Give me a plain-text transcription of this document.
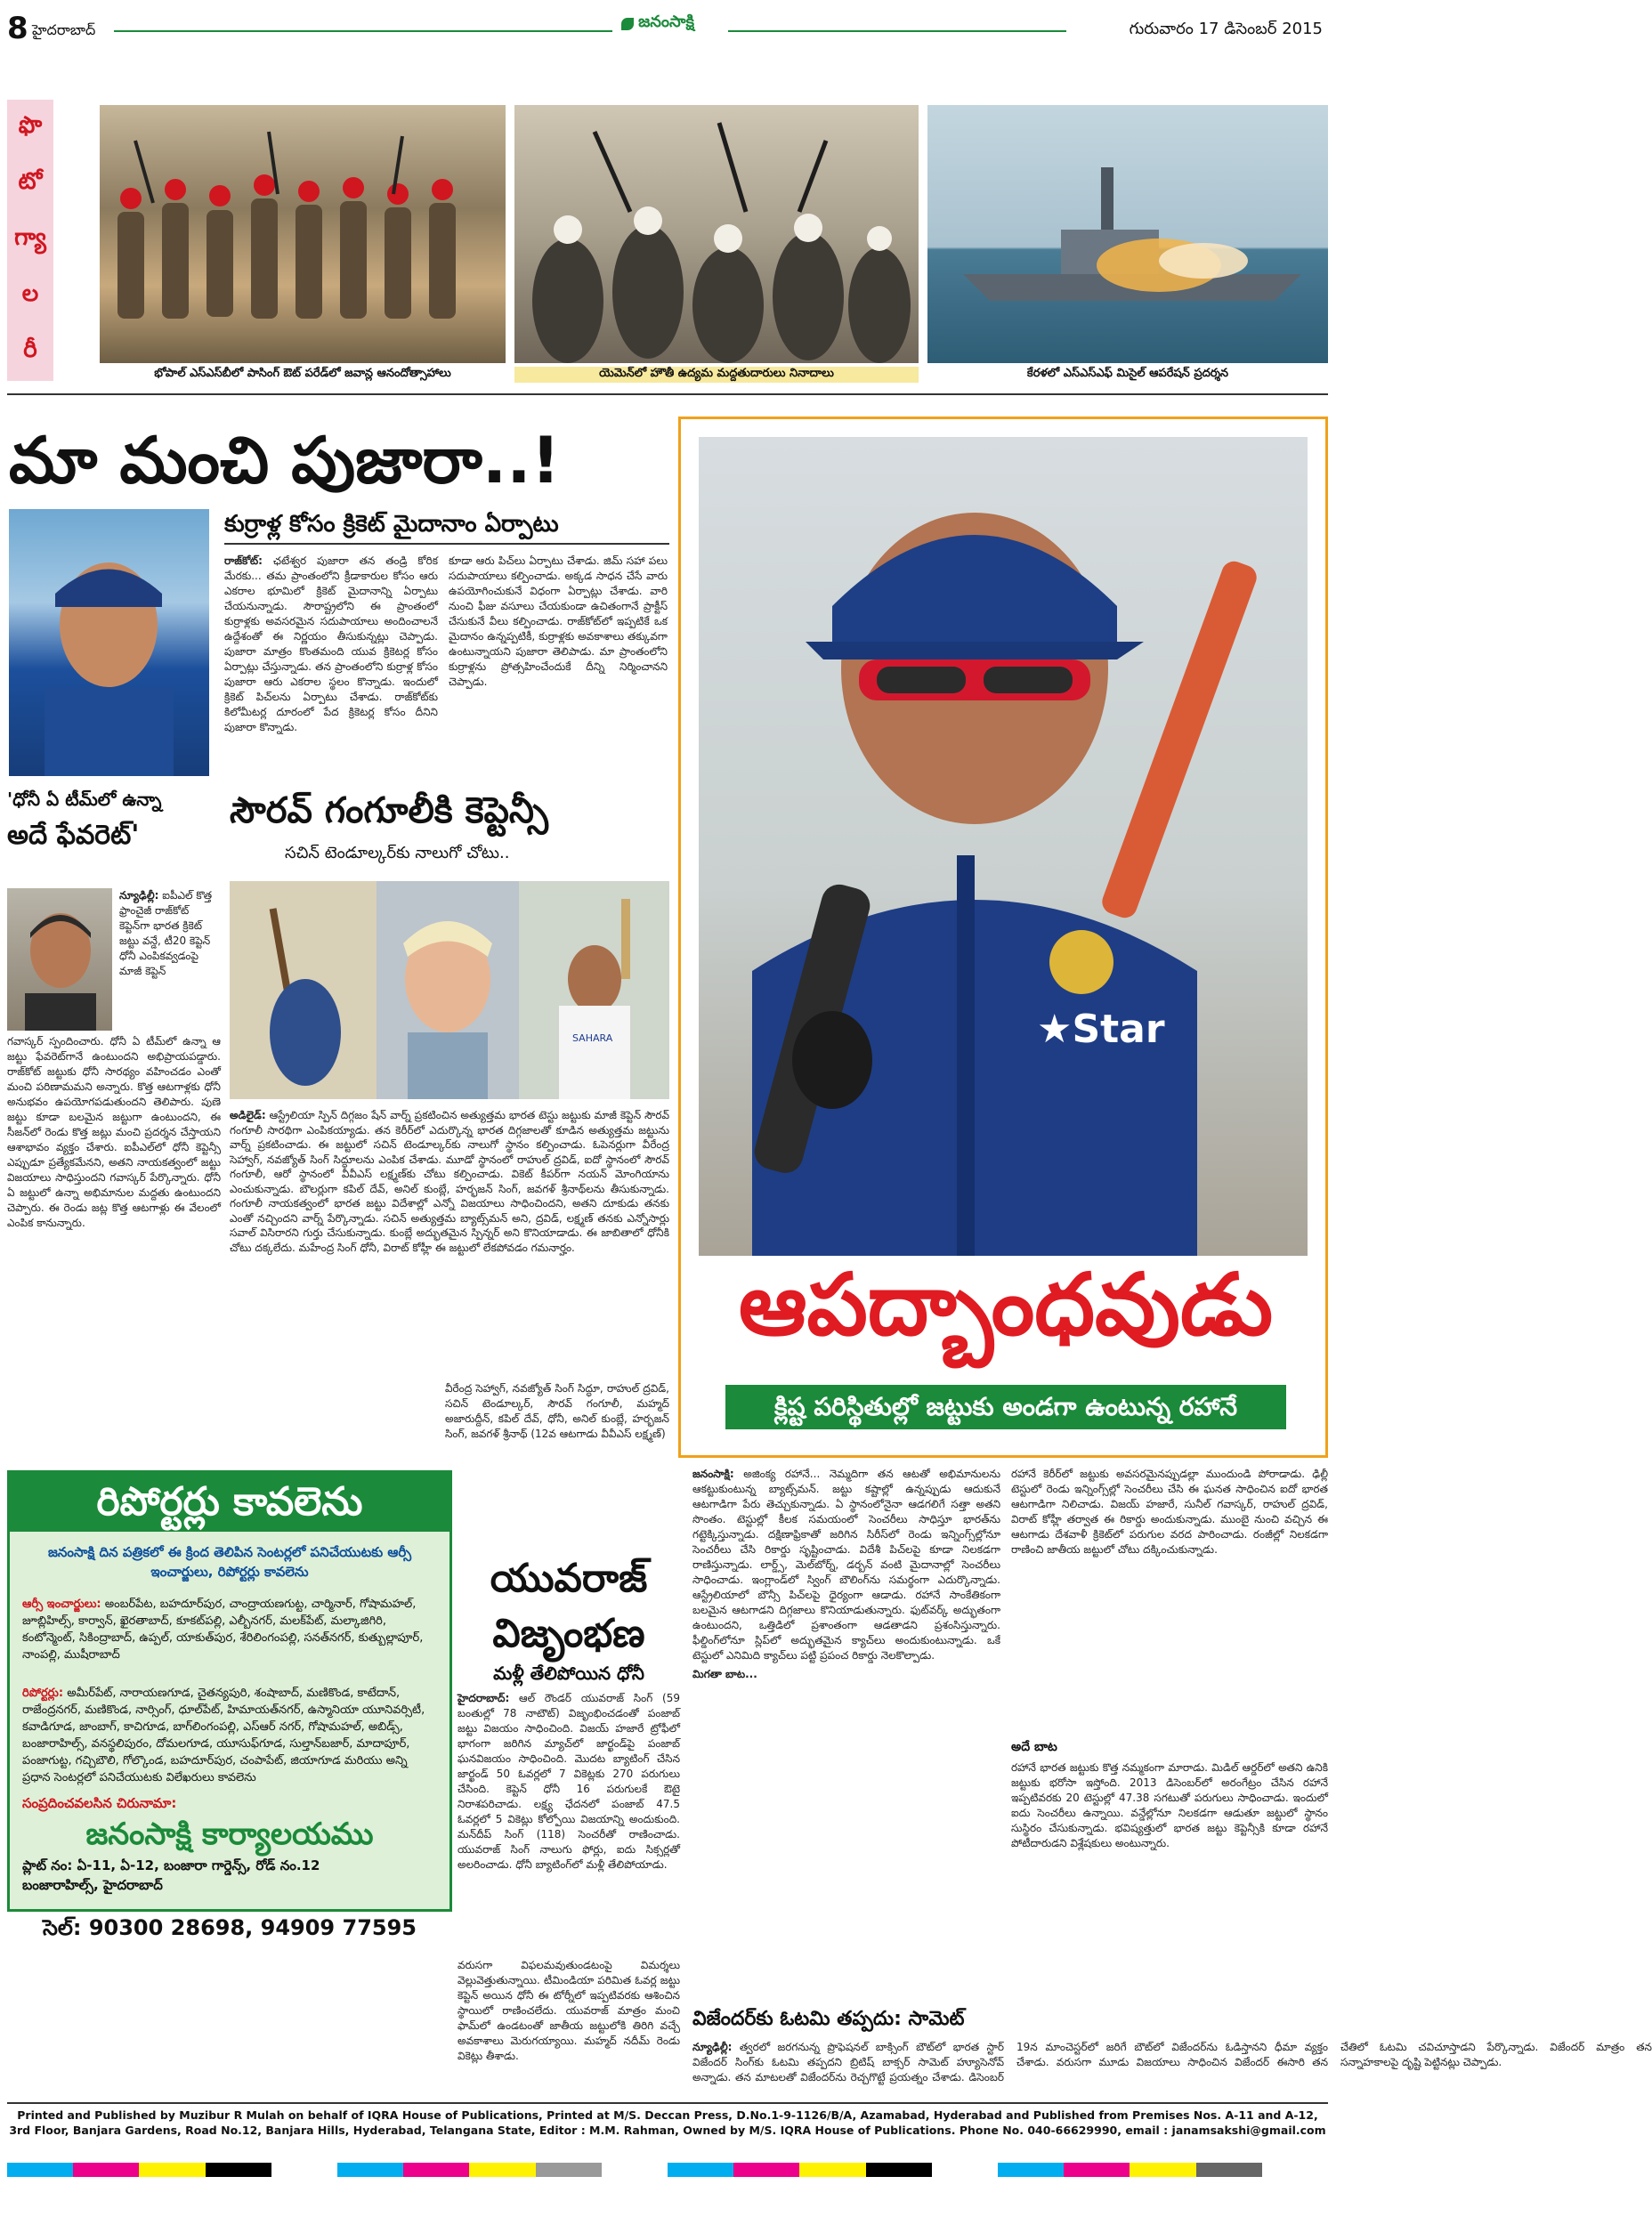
8 హైదరాబాద్	జనంసాక్షి	గురువారం 17 డిసెంబర్ 2015
ఫొ
టో
గ్యా
ల
రీ
భోపాల్ ఎస్ఎస్‌బీలో పాసింగ్ ఔట్ పరేడ్‌లో జవాన్ల ఆనందోత్సాహాలు	యెమెన్‌లో హౌతీ ఉద్యమ మద్దతుదారులు నినాదాలు	కేరళలో ఎస్ఎస్ఎఫ్ మిసైల్ ఆపరేషన్ ప్రదర్శన
మా మంచి పుజారా..!
కుర్రాళ్ల కోసం క్రికెట్ మైదానాం ఏర్పాటు
రాజ్‌కోట్: ఛటేశ్వర పుజారా తన తండ్రి కోరిక మేరకు... తమ ప్రాంతంలోని క్రీడాకారుల కోసం ఆరు ఎకరాల భూమిలో క్రికెట్ మైదానాన్ని ఏర్పాటు చేయనున్నాడు. సౌరాష్ట్రలోని ఈ ప్రాంతంలో కుర్రాళ్లకు అవసరమైన సదుపాయాలు అందించాలనే ఉద్దేశంతో ఈ నిర్ణయం తీసుకున్నట్లు చెప్పాడు. పుజారా మాత్రం కొంతమంది యువ క్రికెటర్ల కోసం ఏర్పాట్లు చేస్తున్నాడు. తన ప్రాంతంలోని కుర్రాళ్ల కోసం పుజారా ఆరు ఎకరాల స్థలం కొన్నాడు. ఇందులో క్రికెట్ పిచ్‌లను ఏర్పాటు చేశాడు. రాజ్‌కోట్‌కు కిలోమీటర్ల దూరంలో పేద క్రికెటర్ల కోసం దీనిని పుజారా కొన్నాడు.
కూడా ఆరు పిచ్‌లు ఏర్పాటు చేశాడు. జిమ్ సహా పలు సదుపాయాలు కల్పించాడు. అక్కడ సాధన చేసే వారు ఉపయోగించుకునే విధంగా ఏర్పాట్లు చేశాడు. వారి నుంచి ఫీజు వసూలు చేయకుండా ఉచితంగానే ప్రాక్టీస్ చేసుకునే వీలు కల్పించాడు. రాజ్‌కోట్‌లో ఇప్పటికే ఒక మైదానం ఉన్నప్పటికీ, కుర్రాళ్లకు అవకాశాలు తక్కువగా ఉంటున్నాయని పుజారా తెలిపాడు. మా ప్రాంతంలోని కుర్రాళ్లను ప్రోత్సహించేందుకే దీన్ని నిర్మించానని చెప్పాడు.
'ధోనీ ఏ టీమ్‌లో ఉన్నా
అదే ఫేవరెట్'
న్యూఢిల్లీ: ఐపీఎల్ కొత్త ఫ్రాంచైజీ రాజ్‌కోట్ కెప్టెన్‌గా భారత క్రికెట్ జట్టు వన్డే, టీ20 కెప్టెన్ ధోనీ ఎంపికవ్వడంపై మాజీ కెప్టెన్
గవాస్కర్ స్పందించారు. ధోనీ ఏ టీమ్‌లో ఉన్నా ఆ జట్టు ఫేవరెట్‌గానే ఉంటుందని అభిప్రాయపడ్డారు. రాజ్‌కోట్ జట్టుకు ధోనీ సారథ్యం వహించడం ఎంతో మంచి పరిణామమని అన్నారు. కొత్త ఆటగాళ్లకు ధోనీ అనుభవం ఉపయోగపడుతుందని తెలిపారు. పుణె జట్టు కూడా బలమైన జట్టుగా ఉంటుందని, ఈ సీజన్‌లో రెండు కొత్త జట్లు మంచి ప్రదర్శన చేస్తాయని ఆశాభావం వ్యక్తం చేశారు. ఐపీఎల్‌లో ధోనీ కెప్టెన్సీ ఎప్పుడూ ప్రత్యేకమేనని, అతని నాయకత్వంలో జట్టు విజయాలు సాధిస్తుందని గవాస్కర్ పేర్కొన్నారు. ధోనీ ఏ జట్టులో ఉన్నా అభిమానుల మద్దతు ఉంటుందని చెప్పారు. ఈ రెండు జట్ల కొత్త ఆటగాళ్లు ఈ వేలంలో ఎంపిక కానున్నారు.
సౌరవ్ గంగూలీకి కెప్టెన్సీ
సచిన్ టెండూల్కర్‌కు నాలుగో చోటు..
SAHARA
అడిలైడ్: ఆస్ట్రేలియా స్పిన్ దిగ్గజం షేన్ వార్న్ ప్రకటించిన అత్యుత్తమ భారత టెస్టు జట్టుకు మాజీ కెప్టెన్ సౌరవ్ గంగూలీ సారథిగా ఎంపికయ్యాడు. తన కెరీర్‌లో ఎదుర్కొన్న భారత దిగ్గజాలతో కూడిన అత్యుత్తమ జట్టును వార్న్ ప్రకటించాడు. ఈ జట్టులో సచిన్ టెండూల్కర్‌కు నాలుగో స్థానం కల్పించాడు. ఓపెనర్లుగా వీరేంద్ర సెహ్వాగ్, నవజ్యోత్ సింగ్ సిద్ధూలను ఎంపిక చేశాడు. మూడో స్థానంలో రాహుల్ ద్రవిడ్, ఐదో స్థానంలో సౌరవ్ గంగూలీ, ఆరో స్థానంలో వీవీఎస్ లక్ష్మణ్‌కు చోటు కల్పించాడు. వికెట్ కీపర్‌గా నయన్ మోంగియాను ఎంచుకున్నాడు. బౌలర్లుగా కపిల్ దేవ్, అనిల్ కుంబ్లే, హర్భజన్ సింగ్, జవగళ్ శ్రీనాథ్‌లను తీసుకున్నాడు. గంగూలీ నాయకత్వంలో భారత జట్టు విదేశాల్లో ఎన్నో విజయాలు సాధించిందని, అతని దూకుడు తనకు ఎంతో నచ్చిందని వార్న్ పేర్కొన్నాడు. సచిన్ అత్యుత్తమ బ్యాట్స్‌మన్ అని, ద్రవిడ్, లక్ష్మణ్ తనకు ఎన్నోసార్లు సవాల్ విసిరారని గుర్తు చేసుకున్నాడు. కుంబ్లే అద్భుతమైన స్పిన్నర్ అని కొనియాడాడు. ఈ జాబితాలో ధోనీకి చోటు దక్కలేదు. మహేంద్ర సింగ్ ధోనీ, విరాట్ కోహ్లీ ఈ జట్టులో లేకపోవడం గమనార్హం.
వీరేంద్ర సెహ్వాగ్, నవజ్యోత్ సింగ్ సిద్ధూ, రాహుల్ ద్రవిడ్, సచిన్ టెండూల్కర్, సౌరవ్ గంగూలీ, మహ్మద్ అజారుద్దీన్, కపిల్ దేవ్, ధోనీ, అనిల్ కుంబ్లే, హర్భజన్ సింగ్, జవగళ్ శ్రీనాథ్ (12వ ఆటగాడు వీవీఎస్ లక్ష్మణ్)
★Star
ఆపద్బాంధవుడు
క్లిష్ట పరిస్థితుల్లో జట్టుకు అండగా ఉంటున్న రహానే
జనంసాక్షి: అజింక్య రహానే... నెమ్మదిగా తన ఆటతో అభిమానులను ఆకట్టుకుంటున్న బ్యాట్స్‌మన్. జట్టు కష్టాల్లో ఉన్నప్పుడు ఆదుకునే ఆటగాడిగా పేరు తెచ్చుకున్నాడు. ఏ స్థానంలోనైనా ఆడగలిగే సత్తా అతని సొంతం. టెస్టుల్లో కీలక సమయంలో సెంచరీలు సాధిస్తూ భారత్‌ను గట్టెక్కిస్తున్నాడు. దక్షిణాఫ్రికాతో జరిగిన సిరీస్‌లో రెండు ఇన్నింగ్స్‌ల్లోనూ సెంచరీలు చేసి రికార్డు సృష్టించాడు. విదేశీ పిచ్‌లపై కూడా నిలకడగా రాణిస్తున్నాడు. లార్డ్స్, మెల్‌బోర్న్, డర్బన్ వంటి మైదానాల్లో సెంచరీలు సాధించాడు. ఇంగ్లాండ్‌లో స్వింగ్ బౌలింగ్‌ను సమర్థంగా ఎదుర్కొన్నాడు. ఆస్ట్రేలియాలో బౌన్సీ పిచ్‌లపై ధైర్యంగా ఆడాడు. రహానే సాంకేతికంగా బలమైన ఆటగాడని దిగ్గజాలు కొనియాడుతున్నారు. ఫుట్‌వర్క్ అద్భుతంగా ఉంటుందని, ఒత్తిడిలో ప్రశాంతంగా ఆడతాడని ప్రశంసిస్తున్నారు. ఫీల్డింగ్‌లోనూ స్లిప్‌లో అద్భుతమైన క్యాచ్‌లు అందుకుంటున్నాడు. ఒకే టెస్టులో ఎనిమిది క్యాచ్‌లు పట్టి ప్రపంచ రికార్డు నెలకొల్పాడు.
మిగతా బాట...
రహానే కెరీర్‌లో జట్టుకు అవసరమైనప్పుడల్లా ముందుండి పోరాడాడు. ఢిల్లీ టెస్టులో రెండు ఇన్నింగ్స్‌ల్లో సెంచరీలు చేసి ఈ ఘనత సాధించిన ఐదో భారత ఆటగాడిగా నిలిచాడు. విజయ్ హజారే, సునీల్ గవాస్కర్, రాహుల్ ద్రవిడ్, విరాట్ కోహ్లీ తర్వాత ఈ రికార్డు అందుకున్నాడు. ముంబై నుంచి వచ్చిన ఈ ఆటగాడు దేశవాళీ క్రికెట్‌లో పరుగుల వరద పారించాడు. రంజీల్లో నిలకడగా రాణించి జాతీయ జట్టులో చోటు దక్కించుకున్నాడు.
అదే బాట
రహానే భారత జట్టుకు కొత్త నమ్మకంగా మారాడు. మిడిల్ ఆర్డర్‌లో అతని ఉనికి జట్టుకు భరోసా ఇస్తోంది. 2013 డిసెంబర్‌లో అరంగేట్రం చేసిన రహానే ఇప్పటివరకు 20 టెస్టుల్లో 47.38 సగటుతో పరుగులు సాధించాడు. ఇందులో ఐదు సెంచరీలు ఉన్నాయి. వన్డేల్లోనూ నిలకడగా ఆడుతూ జట్టులో స్థానం సుస్థిరం చేసుకున్నాడు. భవిష్యత్తులో భారత జట్టు కెప్టెన్సీకి కూడా రహానే పోటీదారుడని విశ్లేషకులు అంటున్నారు.
రిపోర్టర్లు కావలెను
జనంసాక్షి దిన పత్రికలో ఈ క్రింద తెలిపిన సెంటర్లలో పనిచేయుటకు ఆర్సీ ఇంచార్జులు, రిపోర్టర్లు కావలెను
ఆర్సీ ఇంచార్జులు: అంబర్‌పేట, బహదూర్‌పుర, చాంద్రాయణగుట్ట, చార్మినార్, గోషామహల్, జూబ్లిహిల్స్, కార్వాన్, ఖైరతాబాద్, కూకట్‌పల్లి, ఎల్బీనగర్, మలక్‌పేట్, మల్కాజిగిరి, కంటోన్మెంట్, సికింద్రాబాద్, ఉప్పల్, యాకుత్‌పుర, శేరిలింగంపల్లి, సనత్‌నగర్, కుత్బుల్లాపూర్, నాంపల్లి, ముషీరాబాద్
రిపోర్టర్లు: అమీర్‌పేట్, నారాయణగూడ, చైతన్యపురి, శంషాబాద్, మణికొండ, కాటేదాన్, రాజేంద్రనగర్, మణికొండ, నార్సింగ్, ధూల్‌పేట్, హిమాయత్‌నగర్, ఉస్మానియా యూనివర్సిటీ, కవాడిగూడ, జాంబాగ్, కాచిగూడ, బాగ్‌లింగంపల్లి, ఎస్ఆర్ నగర్, గోషామహల్, అబిడ్స్, బంజారాహిల్స్, వనస్థలిపురం, దోమలగూడ, యూసుఫ్‌గూడ, సుల్తాన్‌బజార్, మాదాపూర్, పంజాగుట్ట, గచ్చిబౌలి, గోల్కొండ, బహదూర్‌పుర, చంపాపేట్, జియాగూడ మరియు అన్ని ప్రధాన సెంటర్లలో పనిచేయుటకు విలేఖరులు కావలెను
సంప్రదించవలసిన చిరునామా:
జనంసాక్షి కార్యాలయము
ప్లాట్ నం: ఏ-11, ఏ-12, బంజారా గార్డెన్స్, రోడ్ నం.12
బంజారాహిల్స్, హైదరాబాద్
సెల్: 90300 28698, 94909 77595
యువరాజ్
విజృంభణ
మళ్లీ తేలిపోయిన ధోనీ
హైదరాబాద్: ఆల్ రౌండర్ యువరాజ్ సింగ్ (59 బంతుల్లో 78 నాటౌట్) విజృంభించడంతో పంజాబ్ జట్టు విజయం సాధించింది. విజయ్ హజారే ట్రోఫీలో భాగంగా జరిగిన మ్యాచ్‌లో జార్ఖండ్‌పై పంజాబ్ ఘనవిజయం సాధించింది. మొదట బ్యాటింగ్ చేసిన జార్ఖండ్ 50 ఓవర్లలో 7 వికెట్లకు 270 పరుగులు చేసింది. కెప్టెన్ ధోనీ 16 పరుగులకే ఔటై నిరాశపరిచాడు. లక్ష్య ఛేదనలో పంజాబ్ 47.5 ఓవర్లలో 5 వికెట్లు కోల్పోయి విజయాన్ని అందుకుంది. మన్‌దీప్ సింగ్ (118) సెంచరీతో రాణించాడు. యువరాజ్ సింగ్ నాలుగు ఫోర్లు, ఐదు సిక్సర్లతో అలరించాడు. ధోనీ బ్యాటింగ్‌లో మళ్లీ తేలిపోయాడు.
వరుసగా విఫలమవుతుండటంపై విమర్శలు వెల్లువెత్తుతున్నాయి. టీమిండియా పరిమిత ఓవర్ల జట్టు కెప్టెన్ అయిన ధోనీ ఈ టోర్నీలో ఇప్పటివరకు ఆశించిన స్థాయిలో రాణించలేదు. యువరాజ్ మాత్రం మంచి ఫామ్‌లో ఉండటంతో జాతీయ జట్టులోకి తిరిగి వచ్చే అవకాశాలు మెరుగయ్యాయి. మహ్మద్ నదీమ్ రెండు వికెట్లు తీశాడు.
విజేందర్‌కు ఓటమి తప్పదు: సామెట్
న్యూఢిల్లీ: త్వరలో జరగనున్న ప్రొఫెషనల్ బాక్సింగ్ బౌట్‌లో భారత స్టార్ విజేందర్ సింగ్‌కు ఓటమి తప్పదని బ్రిటిష్ బాక్సర్ సామెట్ హ్యూసెనోవ్ అన్నాడు. తన మాటలతో విజేందర్‌ను రెచ్చగొట్టే ప్రయత్నం చేశాడు. డిసెంబర్ 19న మాంచెస్టర్‌లో జరిగే బౌట్‌లో విజేందర్‌ను ఓడిస్తానని ధీమా వ్యక్తం చేశాడు. వరుసగా మూడు విజయాలు సాధించిన విజేందర్ ఈసారి తన చేతిలో ఓటమి చవిచూస్తాడని పేర్కొన్నాడు. విజేందర్ మాత్రం తన సన్నాహకాలపై దృష్టి పెట్టినట్లు చెప్పాడు.
Printed and Published by Muzibur R Mulah on behalf of IQRA House of Publications, Printed at M/S. Deccan Press, D.No.1-9-1126/B/A, Azamabad, Hyderabad and Published from Premises Nos. A-11 and A-12, 3rd Floor, Banjara Gardens, Road No.12, Banjara Hills, Hyderabad, Telangana State, Editor : M.M. Rahman, Owned by M/S. IQRA House of Publications. Phone No. 040-66629990, email : janamsakshi@gmail.com
